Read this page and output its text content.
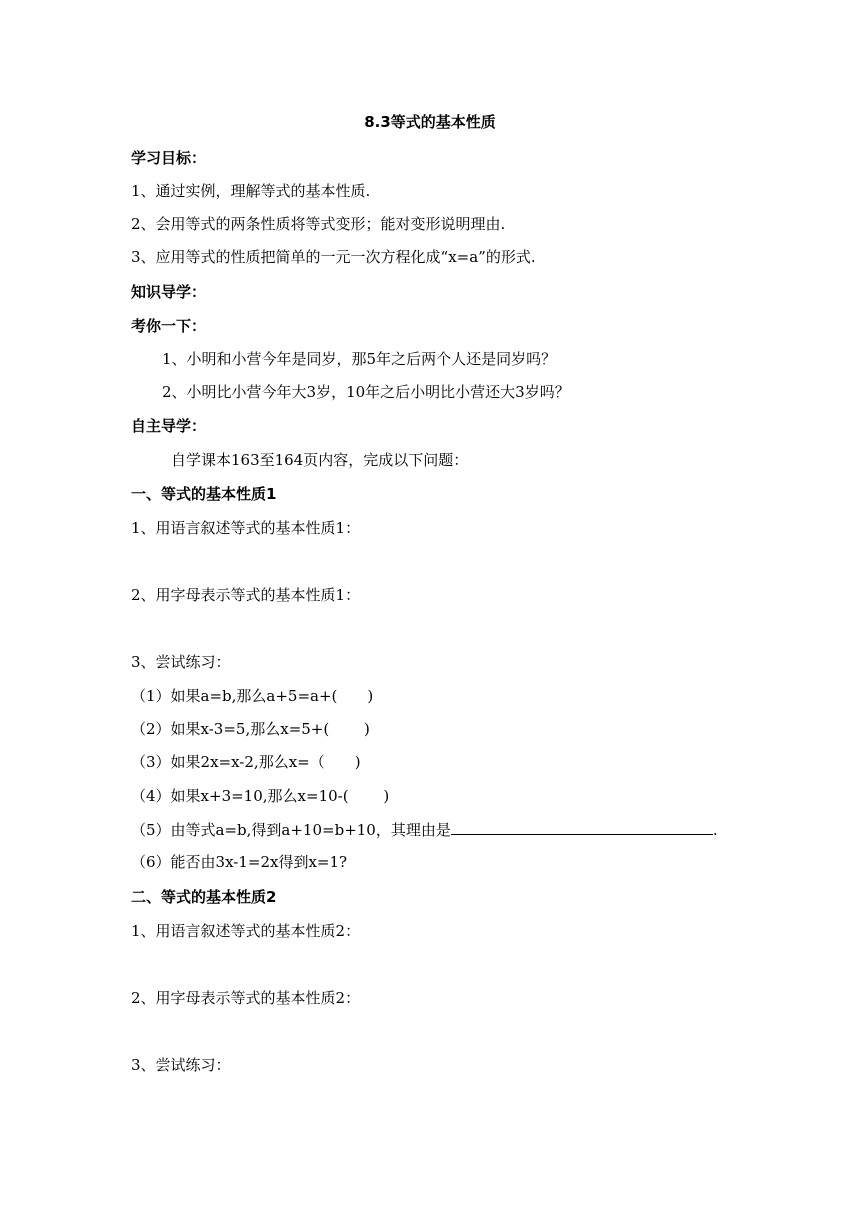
8.3等式的基本性质
学习目标：
1、通过实例，理解等式的基本性质.
2、会用等式的两条性质将等式变形；能对变形说明理由.
3、应用等式的性质把简单的一元一次方程化成“x=a”的形式.
知识导学：
考你一下：
1、小明和小营今年是同岁，那5年之后两个人还是同岁吗？
2、小明比小营今年大3岁，10年之后小明比小营还大3岁吗？
自主导学：
自学课本163至164页内容，完成以下问题：
一、等式的基本性质1
1、用语言叙述等式的基本性质1：
2、用字母表示等式的基本性质1：
3、尝试练习：
（1）如果a=b,那么a+5=a+(　　)
（2）如果x-3=5,那么x=5+(　　 )
（3）如果2x=x-2,那么x=（　　)
（4）如果x+3=10,那么x=10-(　　 )
（5）由等式a=b,得到a+10=b+10，其理由是	.
（6）能否由3x-1=2x得到x=1?
二、等式的基本性质2
1、用语言叙述等式的基本性质2：
2、用字母表示等式的基本性质2：
3、尝试练习：
